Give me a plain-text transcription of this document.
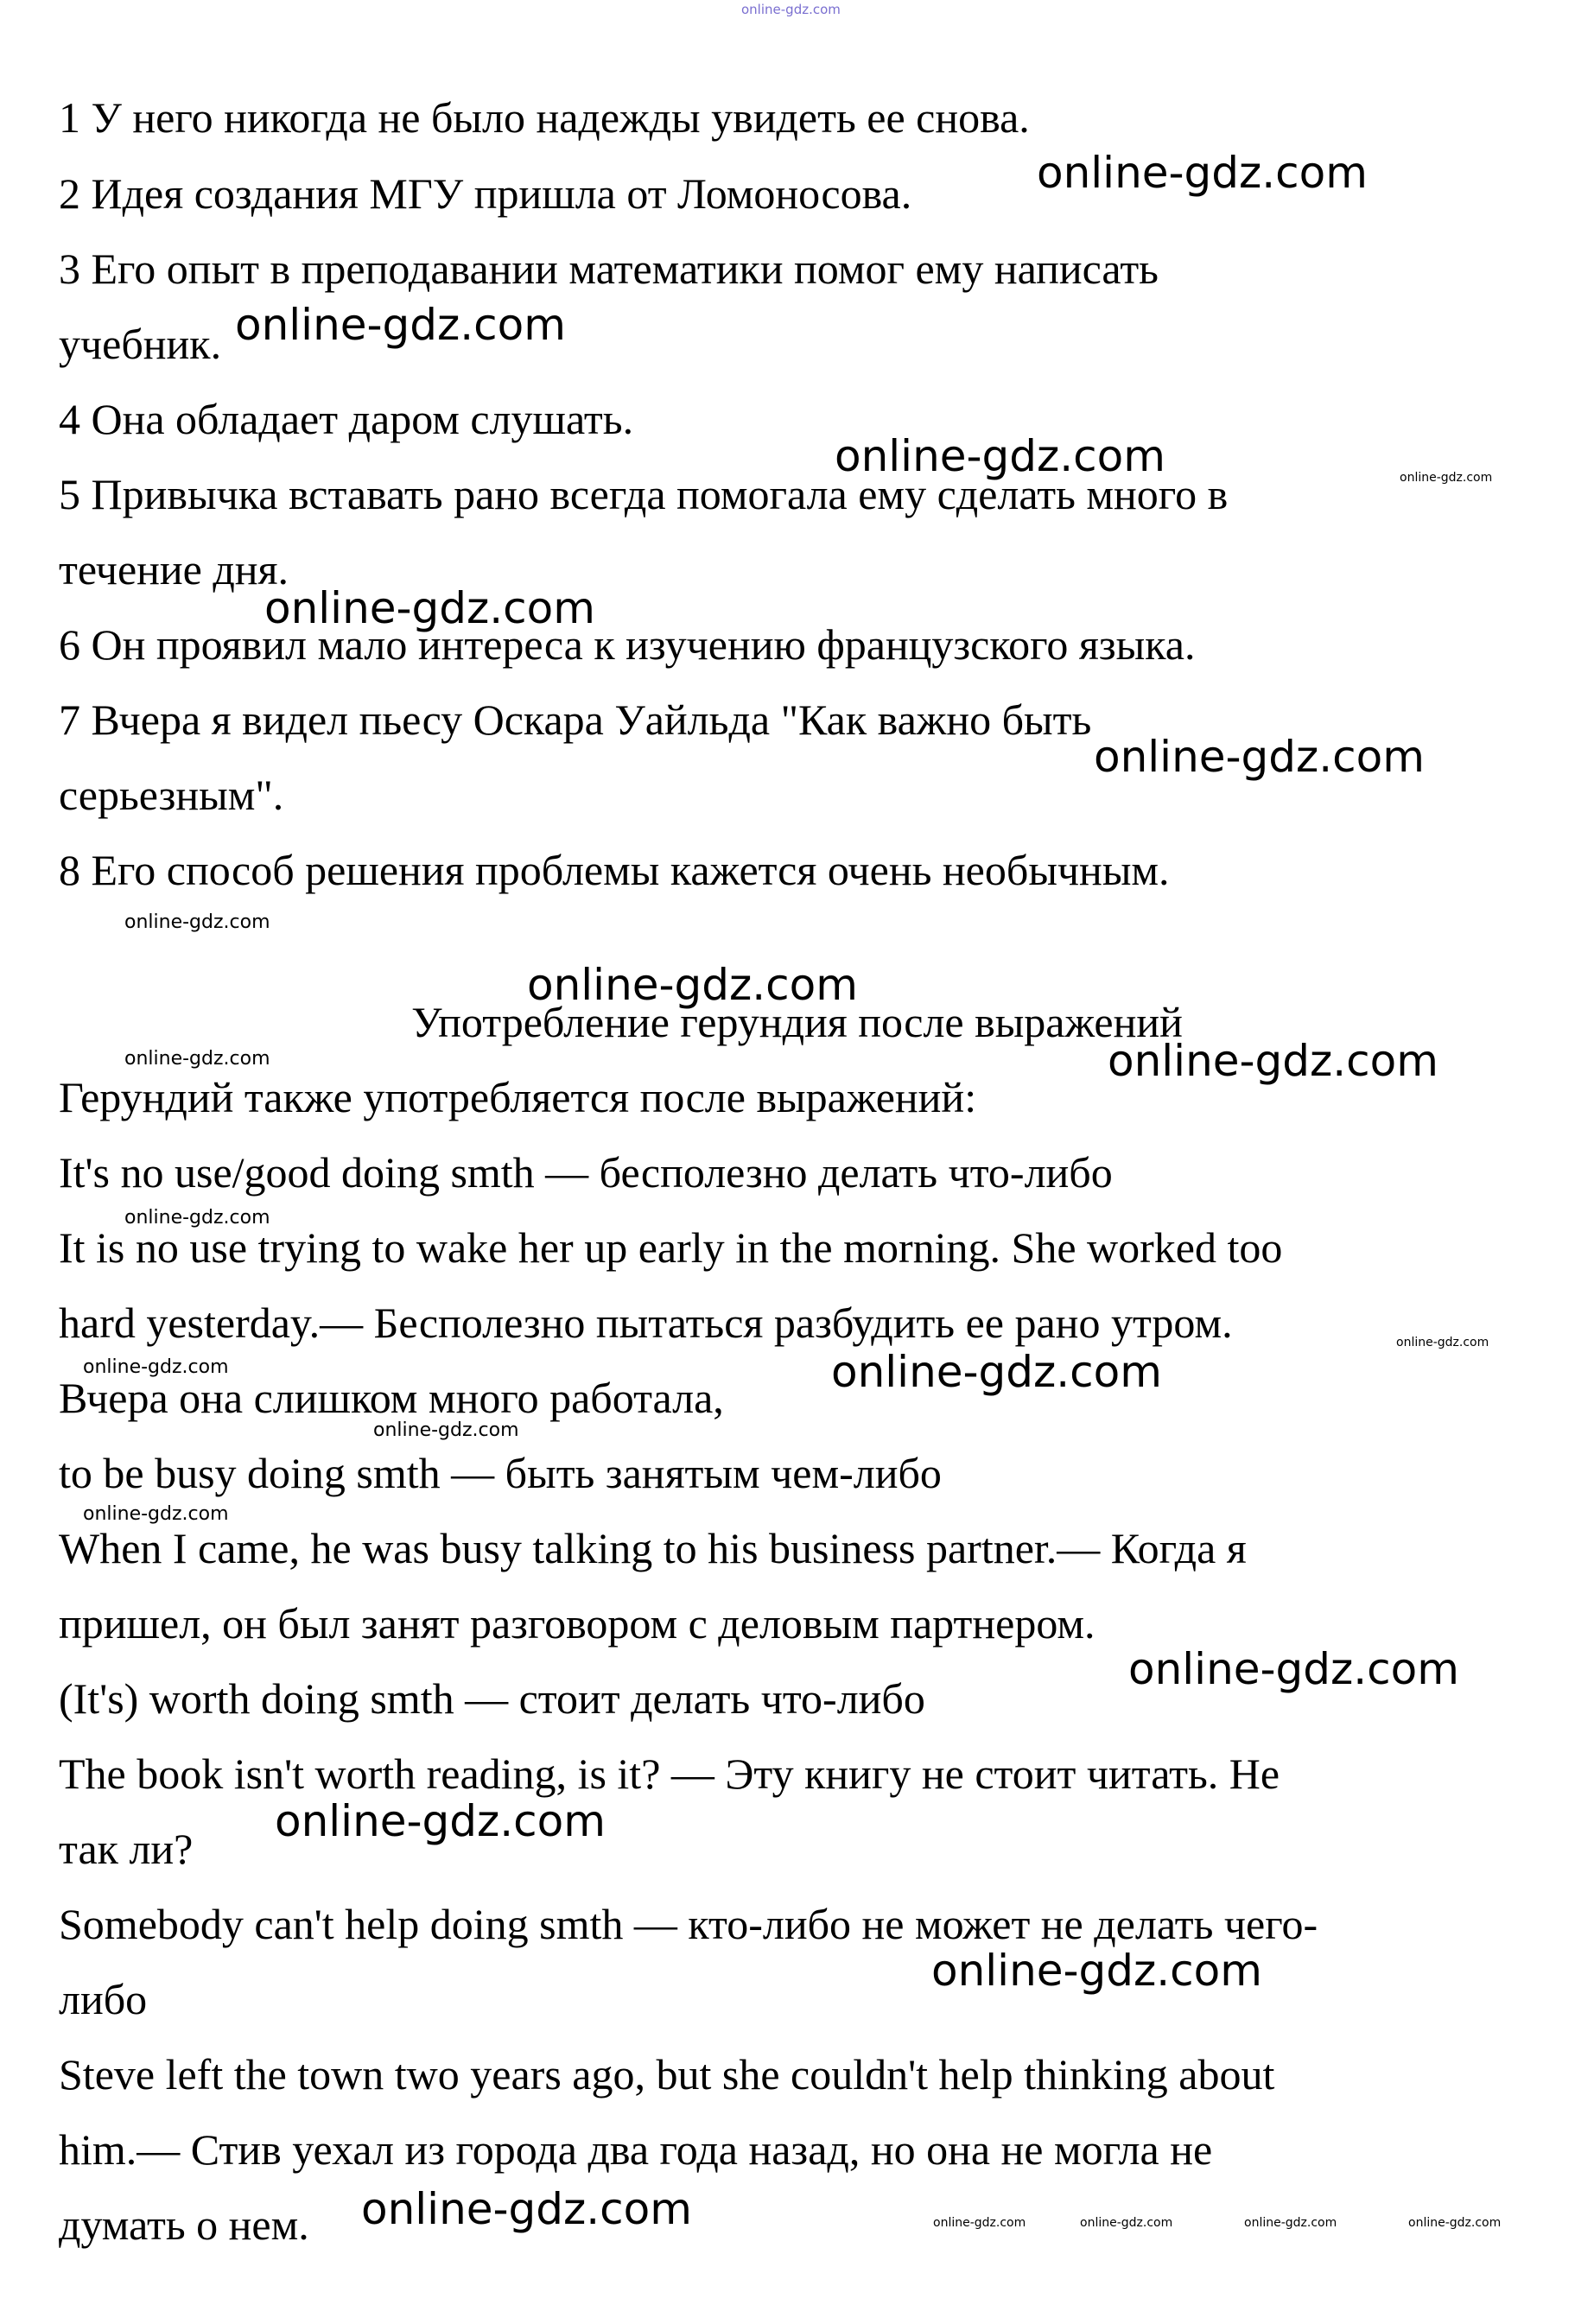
online-gdz.com

1 У него никогда не было надежды увидеть ее снова.

2 Идея создания МГУ пришла от Ломоносова.

3 Его опыт в преподавании математики помог ему написать

учебник.

4 Она обладает даром слушать.

5 Привычка вставать рано всегда помогала ему сделать много в

течение дня.

6 Он проявил мало интереса к изучению французского языка.

7 Вчера я видел пьесу Оскара Уайльда "Как важно быть

серьезным".

8 Его способ решения проблемы кажется очень необычным.

Употребление герундия после выражений

Герундий также употребляется после выражений:

It's no use/good doing smth — бесполезно делать что-либо

It is no use trying to wake her up early in the morning. She worked too

hard yesterday.— Бесполезно пытаться разбудить ее рано утром.

Вчера она слишком много работала,

to be busy doing smth — быть занятым чем-либо

When I came, he was busy talking to his business partner.— Когда я

пришел, он был занят разговором с деловым партнером.

(It's) worth doing smth — стоит делать что-либо

The book isn't worth reading, is it? — Эту книгу не стоит читать. Не

так ли?

Somebody can't help doing smth — кто-либо не может не делать чего-

либо

Steve left the town two years ago, but she couldn't help thinking about

him.— Стив уехал из города два года назад, но она не могла не

думать о нем.

online-gdz.com
online-gdz.com
online-gdz.com
online-gdz.com
online-gdz.com
online-gdz.com
online-gdz.com
online-gdz.com
online-gdz.com
online-gdz.com
online-gdz.com
online-gdz.com
online-gdz.com
online-gdz.com
online-gdz.com
online-gdz.com
online-gdz.com
online-gdz.com
online-gdz.com
online-gdz.com
online-gdz.com	online-gdz.com	online-gdz.com	online-gdz.com
